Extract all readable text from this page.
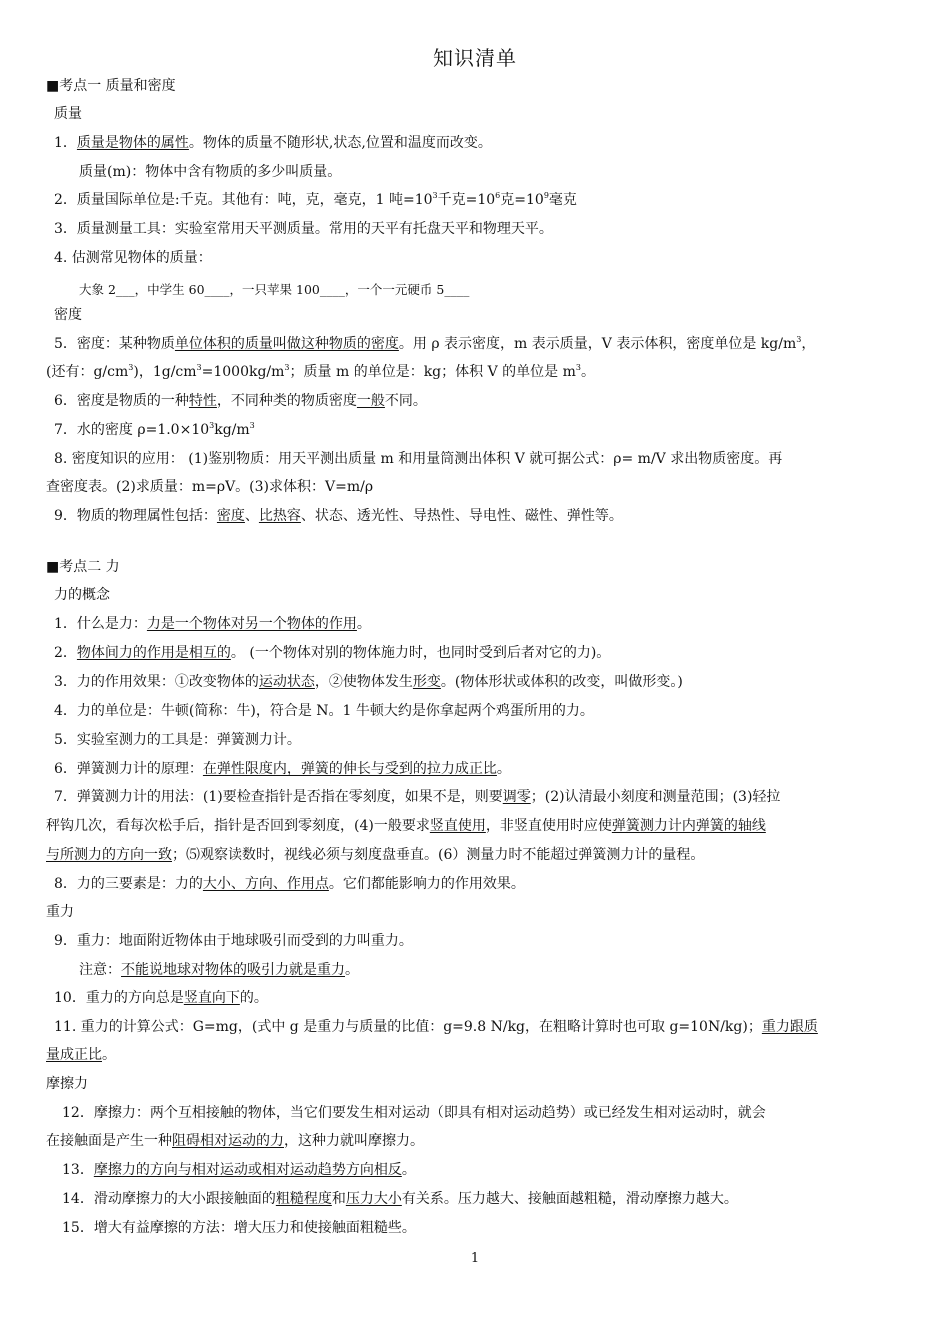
知识清单
■考点一 质量和密度
质量
1．质量是物体的属性。物体的质量不随形状,状态,位置和温度而改变。
质量(m)：物体中含有物质的多少叫质量。
2．质量国际单位是:千克。其他有：吨，克，毫克，1 吨$=10^3$千克$=10^6$克$=10^9$毫克
3．质量测量工具：实验室常用天平测质量。常用的天平有托盘天平和物理天平。
4. 估测常见物体的质量：
大象 2___，中学生 60____，一只苹果 100____，一个一元硬币 5____
密度
5．密度：某种物质单位体积的质量叫做这种物质的密度。用 ρ 表示密度，m 表示质量，V 表示体积，密度单位是 $kg/m^3$，
(还有：$g/cm^3$)，$1g/cm^3=1000kg/m^3$；质量 m 的单位是：kg；体积 V 的单位是 $m^3$。
6．密度是物质的一种特性，不同种类的物质密度一般不同。
7．水的密度 $\rho=1.0\times 10^3kg/m^3$
8. 密度知识的应用： (1)鉴别物质：用天平测出质量 m 和用量筒测出体积 V 就可据公式：ρ= m/V 求出物质密度。再
查密度表。(2)求质量：m=ρV。(3)求体积：V=m/ρ
9．物质的物理属性包括：密度、比热容、状态、透光性、导热性、导电性、磁性、弹性等。
■考点二 力
力的概念
1．什么是力：力是一个物体对另一个物体的作用。
2．物体间力的作用是相互的。 (一个物体对别的物体施力时，也同时受到后者对它的力)。
3．力的作用效果：①改变物体的运动状态，②使物体发生形变。(物体形状或体积的改变，叫做形变。)
4．力的单位是：牛顿(简称：牛)，符合是 N。1 牛顿大约是你拿起两个鸡蛋所用的力。
5．实验室测力的工具是：弹簧测力计。
6．弹簧测力计的原理：在弹性限度内，弹簧的伸长与受到的拉力成正比。
7．弹簧测力计的用法：(1)要检查指针是否指在零刻度，如果不是，则要调零；(2)认清最小刻度和测量范围；(3)轻拉
秤钩几次，看每次松手后，指针是否回到零刻度，(4)一般要求竖直使用，非竖直使用时应使弹簧测力计内弹簧的轴线
与所测力的方向一致；⑸观察读数时，视线必须与刻度盘垂直。(6）测量力时不能超过弹簧测力计的量程。
8．力的三要素是：力的大小、方向、作用点。它们都能影响力的作用效果。
重力
9．重力：地面附近物体由于地球吸引而受到的力叫重力。
注意：不能说地球对物体的吸引力就是重力。
10．重力的方向总是竖直向下的。
11. 重力的计算公式：G=mg，(式中 g 是重力与质量的比值：g=9.8 N/kg，在粗略计算时也可取 g=10N/kg)；重力跟质
量成正比。
摩擦力
12．摩擦力：两个互相接触的物体，当它们要发生相对运动（即具有相对运动趋势）或已经发生相对运动时，就会
在接触面是产生一种阻碍相对运动的力，这种力就叫摩擦力。
13．摩擦力的方向与相对运动或相对运动趋势方向相反。
14．滑动摩擦力的大小跟接触面的粗糙程度和压力大小有关系。压力越大、接触面越粗糙，滑动摩擦力越大。
15．增大有益摩擦的方法：增大压力和使接触面粗糙些。
1
